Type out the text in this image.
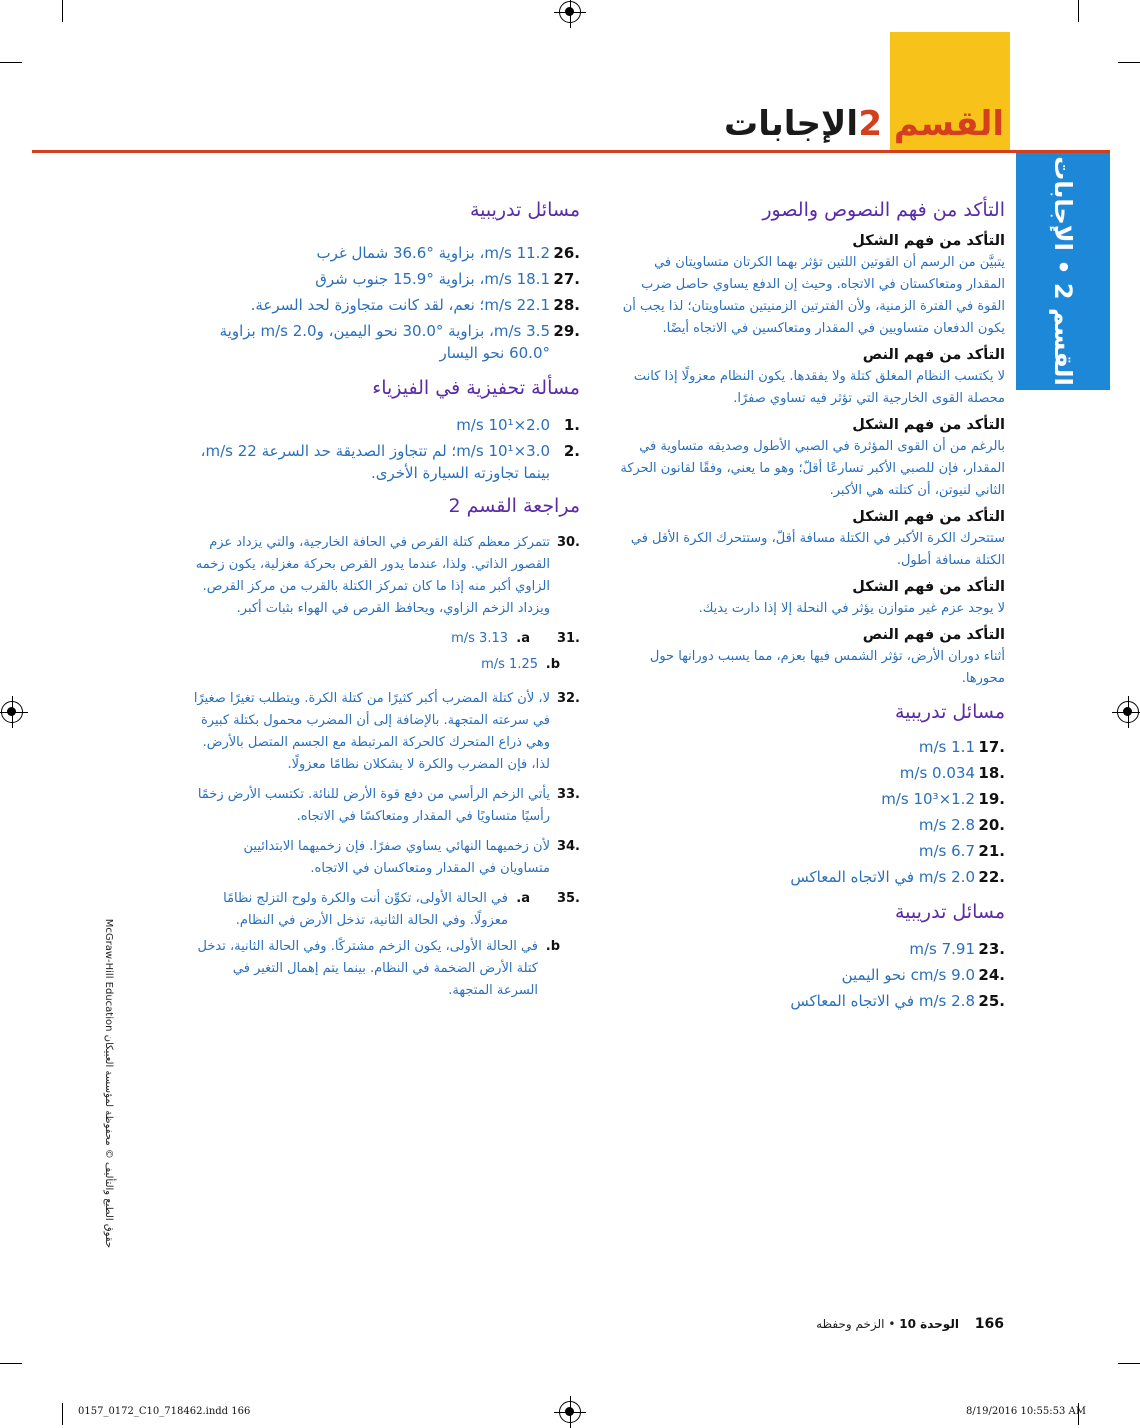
القسم 2
الإجابات
القسم 2 • الإجابات
التأكد من فهم النصوص والصور
التأكد من فهم الشكل

يتبيَّن من الرسم أن القوتين اللتين تؤثر بهما الكرتان متساويتان في المقدار ومتعاكستان في الاتجاه. وحيث إن الدفع يساوي حاصل ضرب القوة في الفترة الزمنية، ولأن الفترتين الزمنيتين متساويتان؛ لذا يجب أن يكون الدفعان متساويين في المقدار ومتعاكسين في الاتجاه أيضًا.

التأكد من فهم النص

لا يكتسب النظام المغلق كتلة ولا يفقدها. يكون النظام معزولًا إذا كانت محصلة القوى الخارجية التي تؤثر فيه تساوي صفرًا.

التأكد من فهم الشكل

بالرغم من أن القوى المؤثرة في الصبي الأطول وصديقه متساوية في المقدار، فإن للصبي الأكبر تسارعًا أقلّ؛ وهو ما يعني، وفقًا لقانون الحركة الثاني لنيوتن، أن كتلته هي الأكبر.

التأكد من فهم الشكل

ستتحرك الكرة الأكبر في الكتلة مسافة أقلّ، وستتحرك الكرة الأقل في الكتلة مسافة أطول.

التأكد من فهم الشكل

لا يوجد عزم غير متوازن يؤثر في النحلة إلا إذا دارت يديك.

التأكد من فهم النص

أثناء دوران الأرض، تؤثر الشمس فيها بعزم، مما يسبب دورانها حول محورها.

مسائل تدريبية
.17
1.1 m/s
.18
0.034 m/s
.19
1.2×10³ m/s
.20
2.8 m/s
.21
6.7 m/s
.22
2.0 m/s في الاتجاه المعاكس
مسائل تدريبية
.23
7.91 m/s
.24
9.0 cm/s نحو اليمين
.25
2.8 m/s في الاتجاه المعاكس
مسائل تدريبية
.26
11.2 m/s، بزاوية °36.6 شمال غرب
.27
18.1 m/s، بزاوية °15.9 جنوب شرق
.28
22.1 m/s؛ نعم، لقد كانت متجاوزة لحد السرعة.
.29
3.5 m/s، بزاوية °30.0 نحو اليمين، و2.0 m/s بزاوية °60.0 نحو اليسار
مسألة تحفيزية في الفيزياء
.1
2.0×10¹ m/s
.2
3.0×10¹ m/s؛ لم تتجاوز الصديقة حد السرعة 22 m/s، بينما تجاوزته السيارة الأخرى.
مراجعة القسم 2
.30
تتمركز معظم كتلة القرص في الحافة الخارجية، والتي يزداد عزم القصور الذاتي. ولذا، عندما يدور القرص بحركة مغزلية، يكون زخمه الزاوي أكبر منه إذا ما كان تمركز الكتلة بالقرب من مركز القرص. ويزداد الزخم الزاوي، ويحافظ القرص في الهواء بثبات أكبر.
.31
a.
3.13 m/s
b.
1.25 m/s
.32
لا، لأن كتلة المضرب أكبر كثيرًا من كتلة الكرة. ويتطلب تغيرًا صغيرًا في سرعته المتجهة. بالإضافة إلى أن المضرب محمول بكتلة كبيرة وهي ذراع المتحرك كالحركة المرتبطة مع الجسم المتصل بالأرض. لذا، فإن المضرب والكرة لا يشكلان نظامًا معزولًا.
.33
يأتي الزخم الرأسي من دفع قوة الأرض للنائة. تكتسب الأرض زخمًا رأسيًا متساويًا في المقدار ومتعاكسًا في الاتجاه.
.34
لأن زخميهما النهائي يساوي صفرًا. فإن زخميهما الابتدائيين متساويان في المقدار ومتعاكسان في الاتجاه.
.35
a.
في الحالة الأولى، تكوِّن أنت والكرة ولوح التزلج نظامًا معزولًا. وفي الحالة الثانية، تدخل الأرض في النظام.
b.
في الحالة الأولى، يكون الزخم مشتركًا. وفي الحالة الثانية، تدخل كتلة الأرض الضخمة في النظام. بينما يتم إهمال التغير في السرعة المتجهة.
حقوق الطبع والتأليف © محفوظة لمؤسسة العبيكان McGraw-Hill Education
166 الوحدة 10 • الزخم وحفظه
0157_0172_C10_718462.indd 166	8/19/2016 10:55:53 AM
